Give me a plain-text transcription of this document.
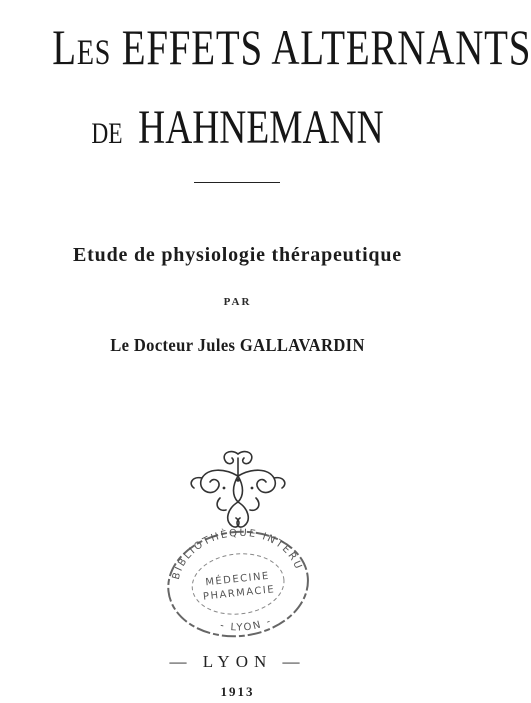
LES EFFETS ALTERNANTS
DE HAHNEMANN
Etude de physiologie thérapeutique
PAR
Le Docteur Jules GALLAVARDIN
BIBLIOTHÈQUE INTERU
MÉDECINE
PHARMACIE
- LYON -
— LYON —
1913
